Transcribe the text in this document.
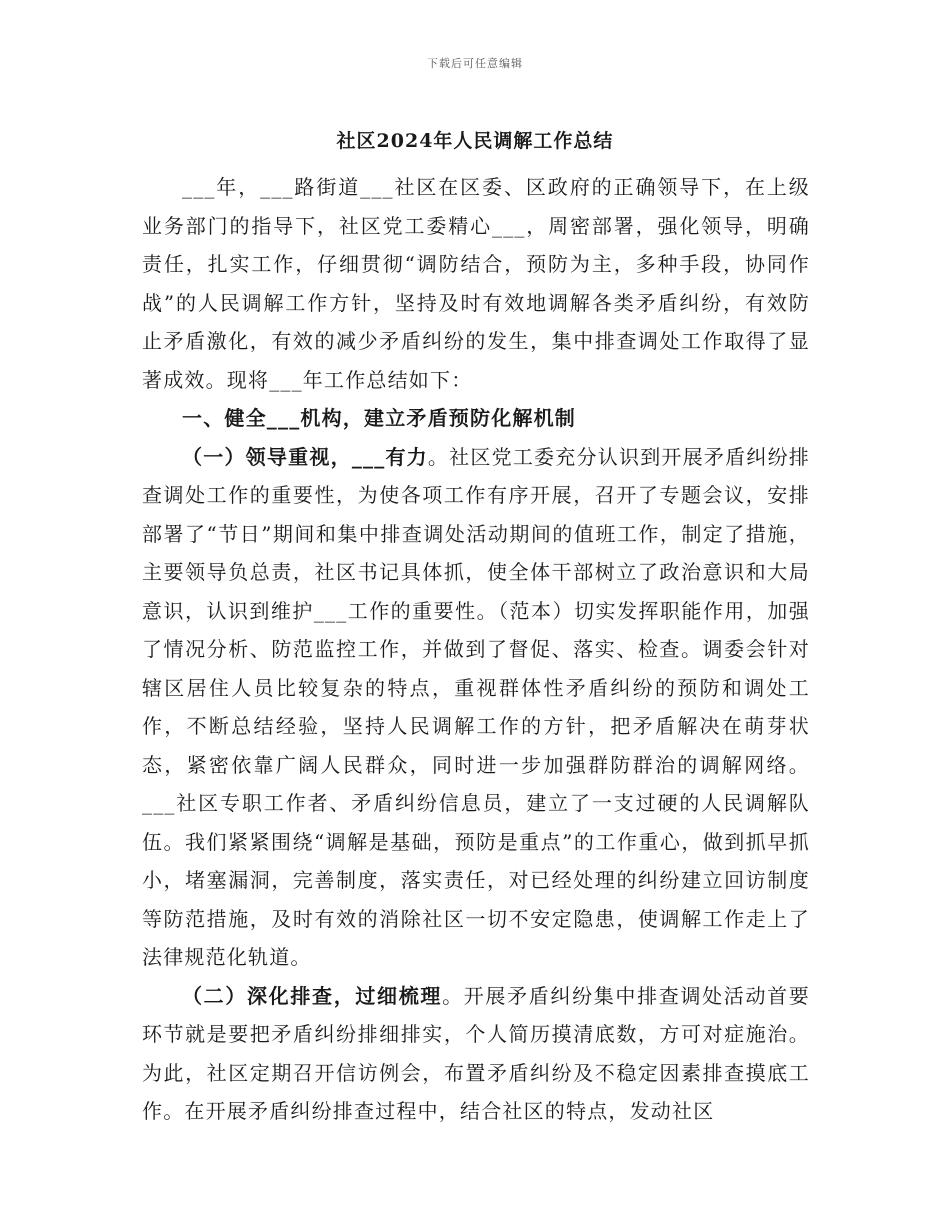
下载后可任意编辑
社区2024年人民调解工作总结

___年，___路街道___社区在区委、区政府的正确领导下，在上级业务部门的指导下，社区党工委精心___，周密部署，强化领导，明确责任，扎实工作，仔细贯彻“调防结合，预防为主，多种手段，协同作战”的人民调解工作方针，坚持及时有效地调解各类矛盾纠纷，有效防止矛盾激化，有效的减少矛盾纠纷的发生，集中排查调处工作取得了显著成效。现将___年工作总结如下：

一、健全___机构，建立矛盾预防化解机制

（一）领导重视，___有力。社区党工委充分认识到开展矛盾纠纷排查调处工作的重要性，为使各项工作有序开展，召开了专题会议，安排部署了“节日”期间和集中排查调处活动期间的值班工作，制定了措施，主要领导负总责，社区书记具体抓，使全体干部树立了政治意识和大局意识，认识到维护___工作的重要性。（范本）切实发挥职能作用，加强了情况分析、防范监控工作，并做到了督促、落实、检查。调委会针对辖区居住人员比较复杂的特点，重视群体性矛盾纠纷的预防和调处工作，不断总结经验，坚持人民调解工作的方针，把矛盾解决在萌芽状态，紧密依靠广阔人民群众，同时进一步加强群防群治的调解网络。___社区专职工作者、矛盾纠纷信息员，建立了一支过硬的人民调解队伍。我们紧紧围绕“调解是基础，预防是重点”的工作重心，做到抓早抓小，堵塞漏洞，完善制度，落实责任，对已经处理的纠纷建立回访制度等防范措施，及时有效的消除社区一切不安定隐患，使调解工作走上了法律规范化轨道。

（二）深化排查，过细梳理。开展矛盾纠纷集中排查调处活动首要环节就是要把矛盾纠纷排细排实，个人简历摸清底数，方可对症施治。为此，社区定期召开信访例会，布置矛盾纠纷及不稳定因素排查摸底工作。在开展矛盾纠纷排查过程中，结合社区的特点，发动社区
